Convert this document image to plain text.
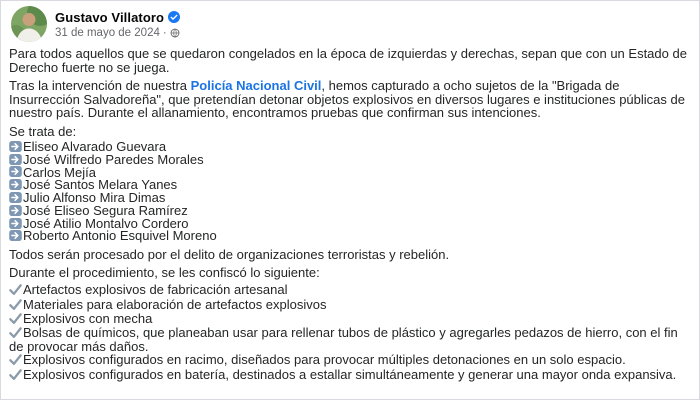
Gustavo Villatoro
31 de mayo de 2024 ·

Para todos aquellos que se quedaron congelados en la época de izquierdas y derechas, sepan que con un Estado de Derecho fuerte no se juega.

Tras la intervención de nuestra Policía Nacional Civil, hemos capturado a ocho sujetos de la "Brigada de Insurrección Salvadoreña", que pretendían detonar objetos explosivos en diversos lugares e instituciones públicas de nuestro país. Durante el allanamiento, encontramos pruebas que confirman sus intenciones.

Se trata de:

Eliseo Alvarado Guevara
José Wilfredo Paredes Morales
Carlos Mejía
José Santos Melara Yanes
Julio Alfonso Mira Dimas
José Eliseo Segura Ramírez
José Atilio Montalvo Cordero
Roberto Antonio Esquivel Moreno

Todos serán procesado por el delito de organizaciones terroristas y rebelión.

Durante el procedimiento, se les confiscó lo siguiente:

Artefactos explosivos de fabricación artesanal

Materiales para elaboración de artefactos explosivos

Explosivos con mecha

Bolsas de químicos, que planeaban usar para rellenar tubos de plástico y agregarles pedazos de hierro, con el fin de provocar más daños.

Explosivos configurados en racimo, diseñados para provocar múltiples detonaciones en un solo espacio.

Explosivos configurados en batería, destinados a estallar simultáneamente y generar una mayor onda expansiva.
